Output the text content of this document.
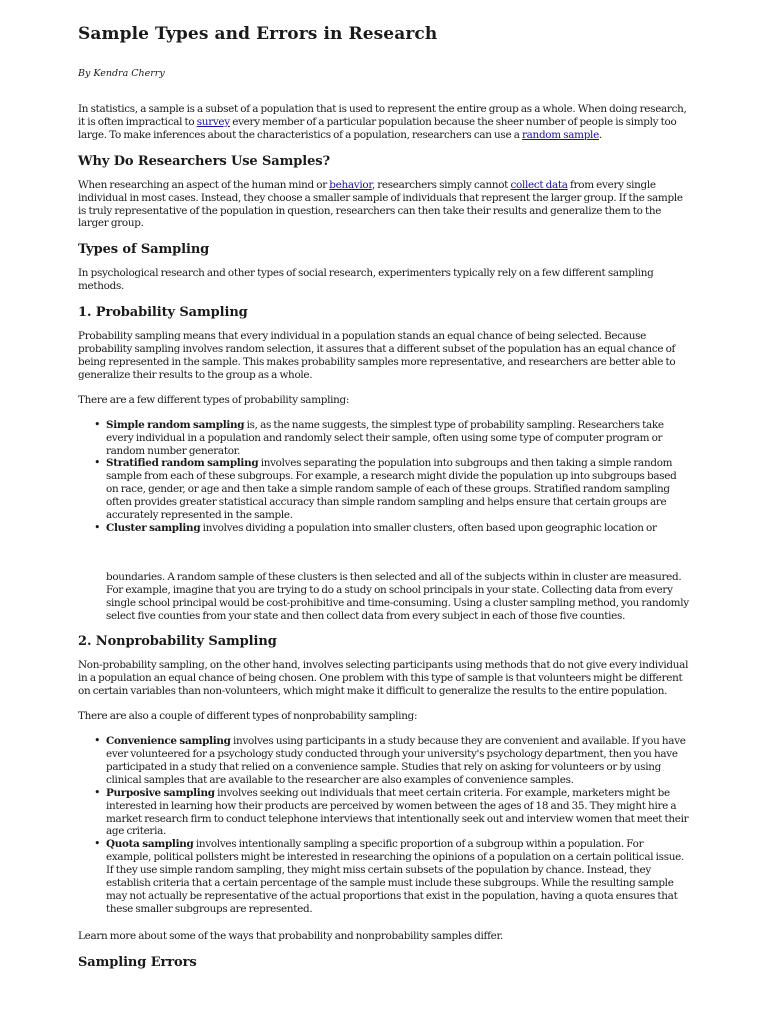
Sample Types and Errors in Research
By Kendra Cherry

In statistics, a sample is a subset of a population that is used to represent the entire group as a whole. When doing research, it is often impractical to survey every member of a particular population because the sheer number of people is simply too large. To make inferences about the characteristics of a population, researchers can use a random sample.

Why Do Researchers Use Samples?

When researching an aspect of the human mind or behavior, researchers simply cannot collect data from every single individual in most cases. Instead, they choose a smaller sample of individuals that represent the larger group. If the sample is truly representative of the population in question, researchers can then take their results and generalize them to the larger group.

Types of Sampling

In psychological research and other types of social research, experimenters typically rely on a few different sampling methods.

1. Probability Sampling

Probability sampling means that every individual in a population stands an equal chance of being selected. Because probability sampling involves random selection, it assures that a different subset of the population has an equal chance of being represented in the sample. This makes probability samples more representative, and researchers are better able to generalize their results to the group as a whole.

There are a few different types of probability sampling:

• Simple random sampling is, as the name suggests, the simplest type of probability sampling. Researchers take every individual in a population and randomly select their sample, often using some type of computer program or random number generator.
• Stratified random sampling involves separating the population into subgroups and then taking a simple random sample from each of these subgroups. For example, a research might divide the population up into subgroups based on race, gender, or age and then take a simple random sample of each of these groups. Stratified random sampling often provides greater statistical accuracy than simple random sampling and helps ensure that certain groups are accurately represented in the sample.
• Cluster sampling involves dividing a population into smaller clusters, often based upon geographic location or

boundaries. A random sample of these clusters is then selected and all of the subjects within in cluster are measured. For example, imagine that you are trying to do a study on school principals in your state. Collecting data from every single school principal would be cost-prohibitive and time-consuming. Using a cluster sampling method, you randomly select five counties from your state and then collect data from every subject in each of those five counties.

2. Nonprobability Sampling

Non-probability sampling, on the other hand, involves selecting participants using methods that do not give every individual in a population an equal chance of being chosen. One problem with this type of sample is that volunteers might be different on certain variables than non-volunteers, which might make it difficult to generalize the results to the entire population.

There are also a couple of different types of nonprobability sampling:

• Convenience sampling involves using participants in a study because they are convenient and available. If you have ever volunteered for a psychology study conducted through your university's psychology department, then you have participated in a study that relied on a convenience sample. Studies that rely on asking for volunteers or by using clinical samples that are available to the researcher are also examples of convenience samples.
• Purposive sampling involves seeking out individuals that meet certain criteria. For example, marketers might be interested in learning how their products are perceived by women between the ages of 18 and 35. They might hire a market research firm to conduct telephone interviews that intentionally seek out and interview women that meet their age criteria.
• Quota sampling involves intentionally sampling a specific proportion of a subgroup within a population. For example, political pollsters might be interested in researching the opinions of a population on a certain political issue. If they use simple random sampling, they might miss certain subsets of the population by chance. Instead, they establish criteria that a certain percentage of the sample must include these subgroups. While the resulting sample may not actually be representative of the actual proportions that exist in the population, having a quota ensures that these smaller subgroups are represented.

Learn more about some of the ways that probability and nonprobability samples differ.

Sampling Errors
